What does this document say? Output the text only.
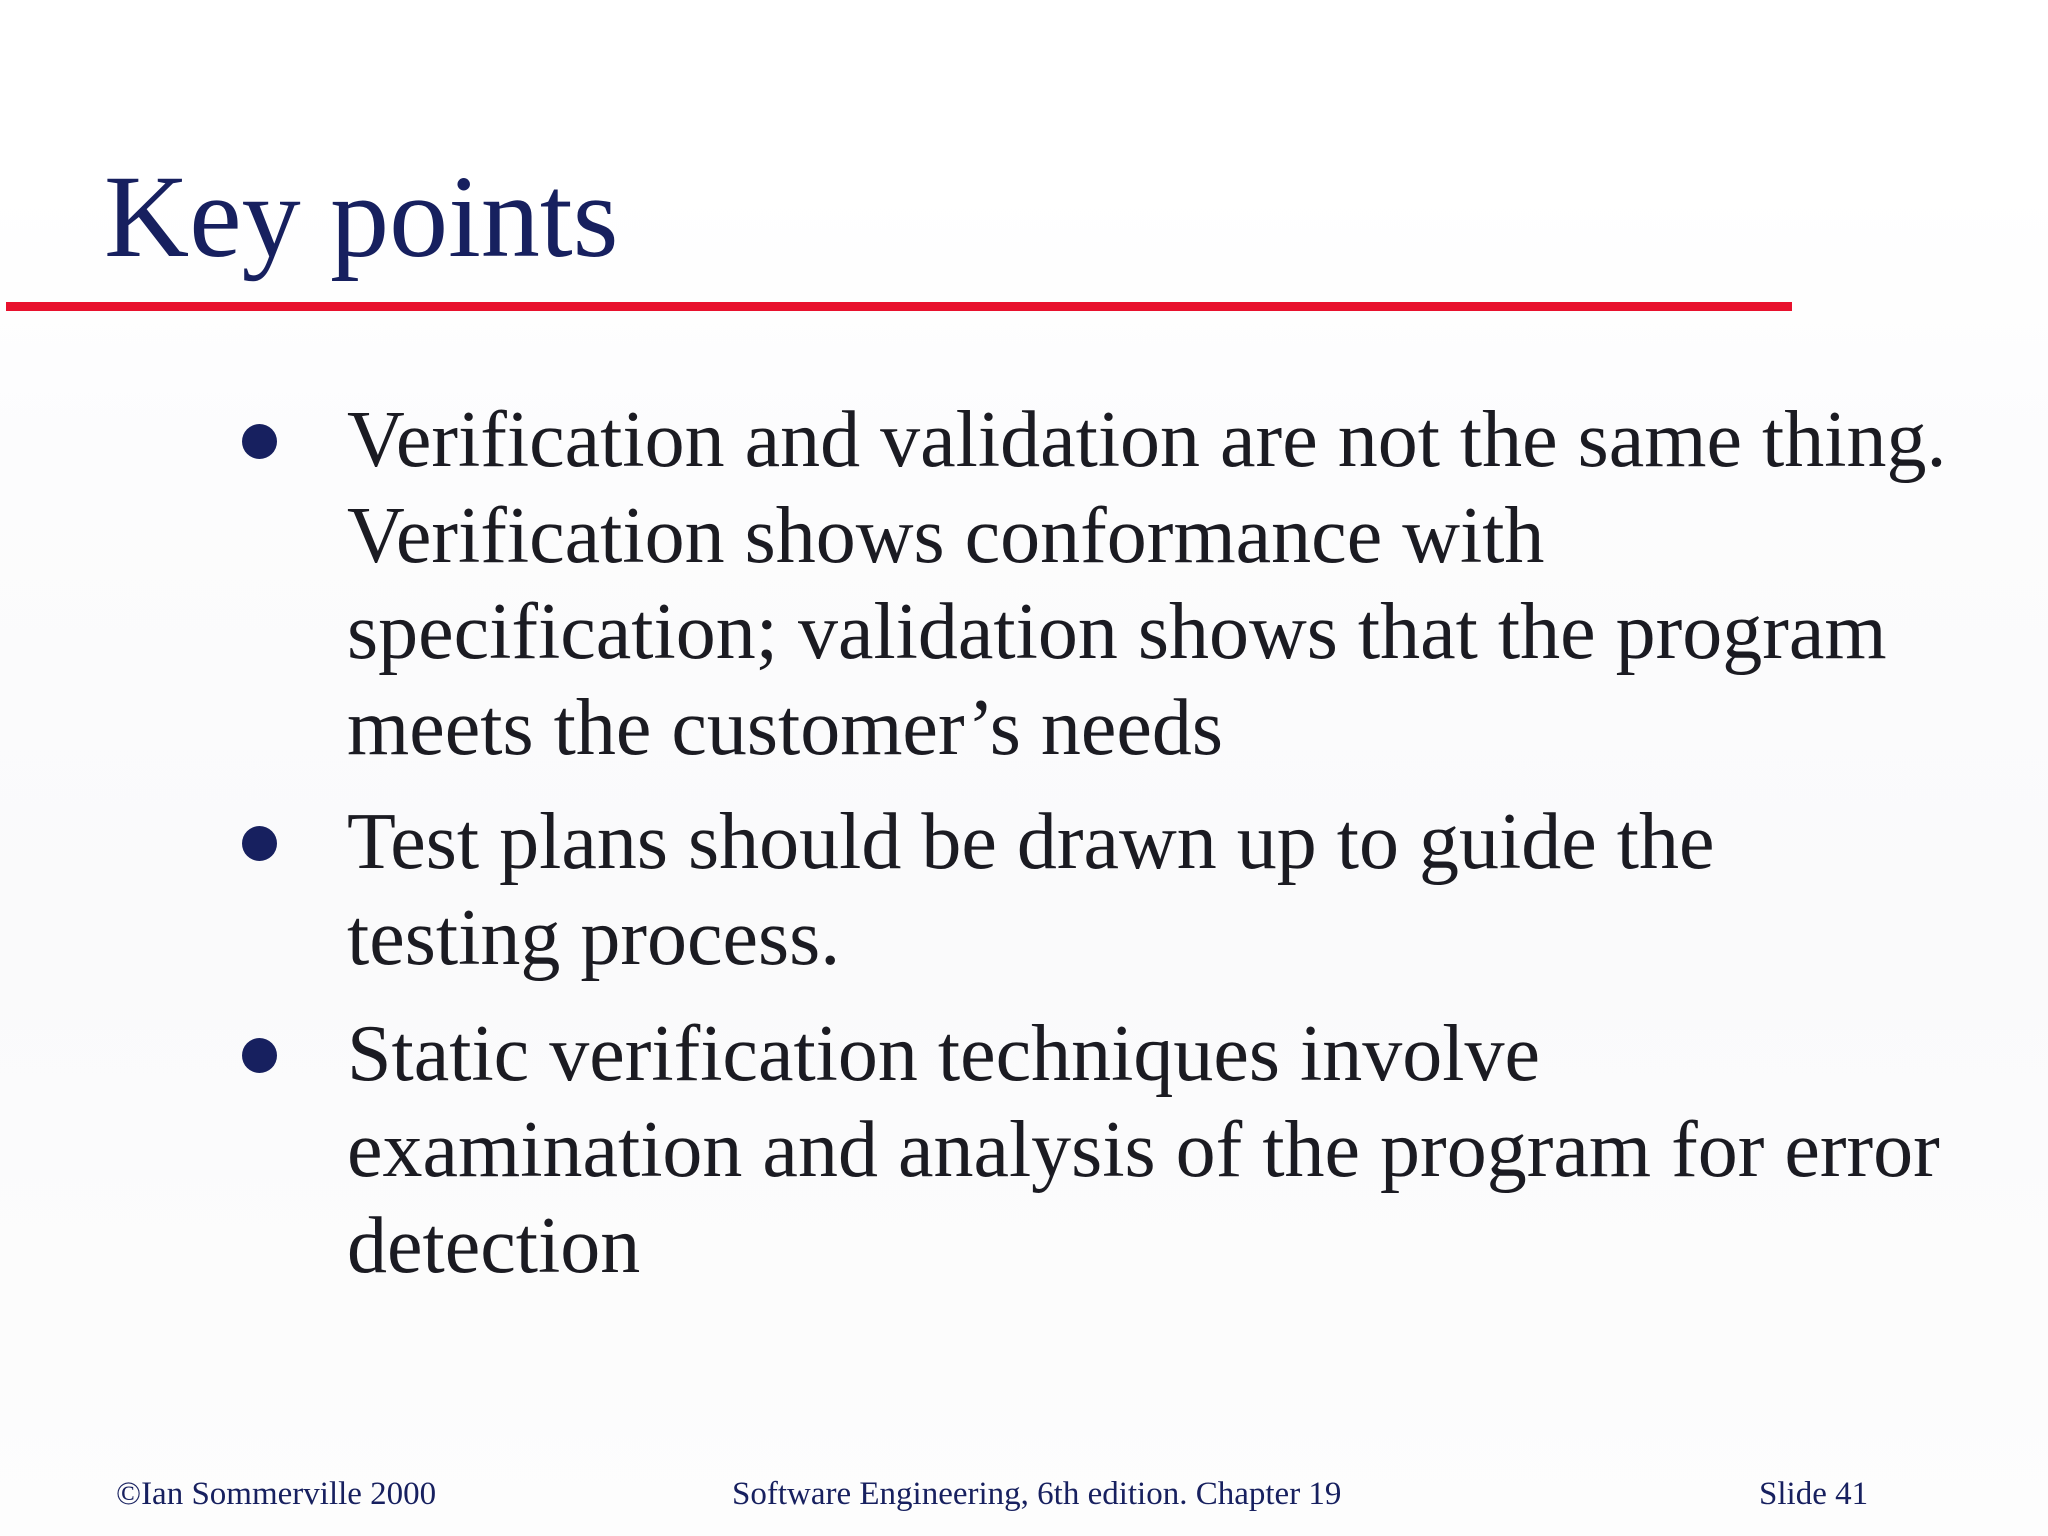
Key points
Verification and validation are not the same thing. Verification shows conformance with specification; validation shows that the program meets the customer’s needs
Test plans should be drawn up to guide the testing process.
Static verification techniques involve examination and analysis of the program for error detection
©Ian Sommerville 2000	Software Engineering, 6th edition. Chapter 19	Slide 41
